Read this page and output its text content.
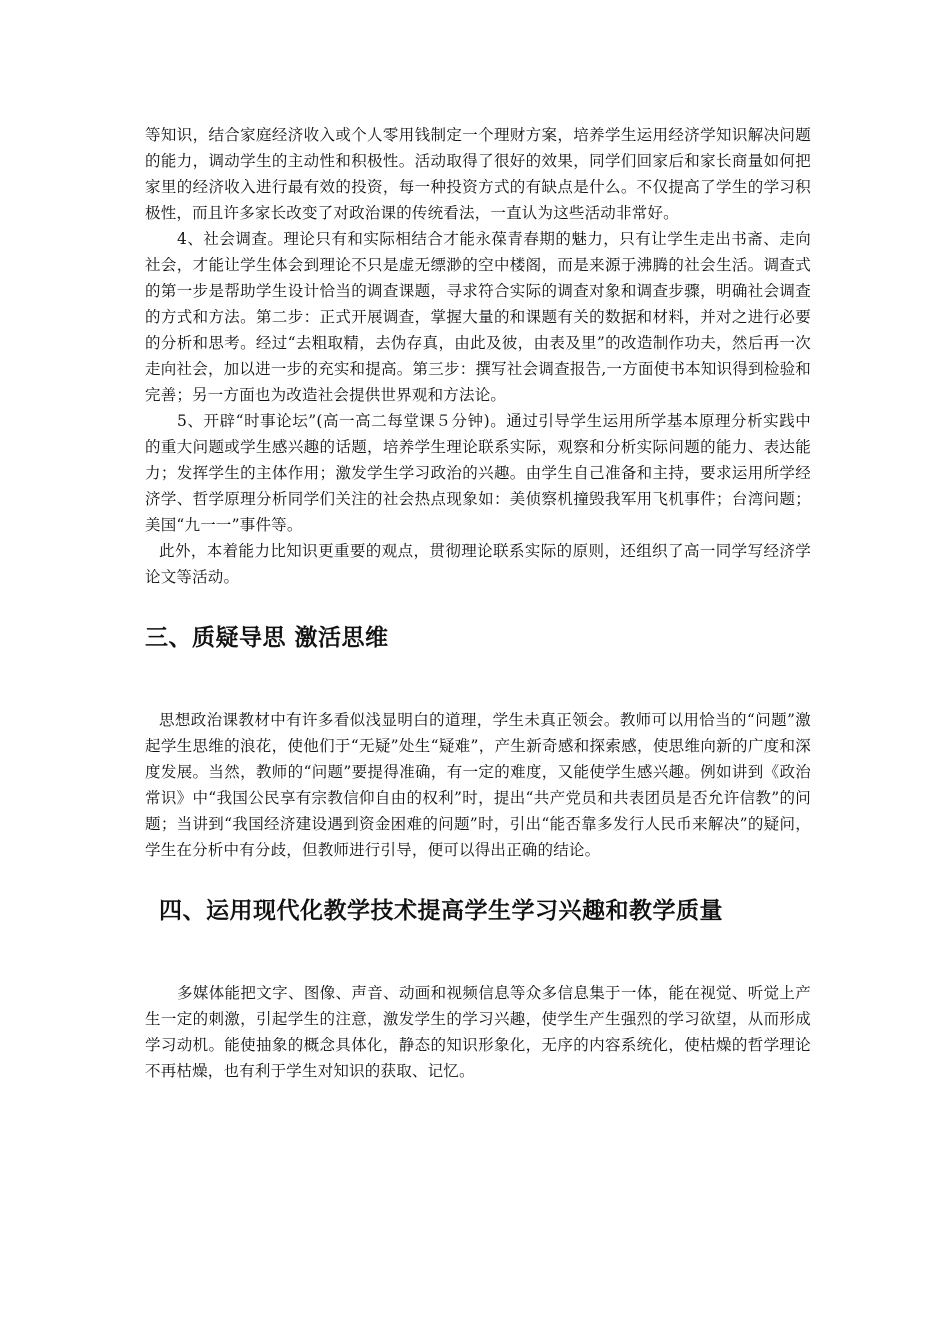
等知识，结合家庭经济收入或个人零用钱制定一个理财方案，培养学生运用经济学知识解决问题的能力，调动学生的主动性和积极性。活动取得了很好的效果，同学们回家后和家长商量如何把家里的经济收入进行最有效的投资，每一种投资方式的有缺点是什么。不仅提高了学生的学习积极性，而且许多家长改变了对政治课的传统看法，一直认为这些活动非常好。

4、社会调查。理论只有和实际相结合才能永葆青春期的魅力，只有让学生走出书斋、走向社会，才能让学生体会到理论不只是虚无缥渺的空中楼阁，而是来源于沸腾的社会生活。调查式的第一步是帮助学生设计恰当的调查课题，寻求符合实际的调查对象和调查步骤，明确社会调查的方式和方法。第二步：正式开展调查，掌握大量的和课题有关的数据和材料，并对之进行必要的分析和思考。经过“去粗取精，去伪存真，由此及彼，由表及里”的改造制作功夫，然后再一次走向社会，加以进一步的充实和提高。第三步：撰写社会调查报告,一方面使书本知识得到检验和完善；另一方面也为改造社会提供世界观和方法论。

5、开辟“时事论坛”(高一高二每堂课５分钟)。通过引导学生运用所学基本原理分析实践中的重大问题或学生感兴趣的话题，培养学生理论联系实际，观察和分析实际问题的能力、表达能力；发挥学生的主体作用；激发学生学习政治的兴趣。由学生自己准备和主持，要求运用所学经济学、哲学原理分析同学们关注的社会热点现象如：美侦察机撞毁我军用飞机事件；台湾问题；美国“九一一”事件等。

此外，本着能力比知识更重要的观点，贯彻理论联系实际的原则，还组织了高一同学写经济学论文等活动。

三、质疑导思 激活思维

思想政治课教材中有许多看似浅显明白的道理，学生未真正领会。教师可以用恰当的“问题”激起学生思维的浪花，使他们于“无疑”处生“疑难”，产生新奇感和探索感，使思维向新的广度和深度发展。当然，教师的“问题”要提得准确，有一定的难度，又能使学生感兴趣。例如讲到《政治常识》中“我国公民享有宗教信仰自由的权利”时，提出“共产党员和共表团员是否允许信教”的问题；当讲到“我国经济建设遇到资金困难的问题”时，引出“能否靠多发行人民币来解决”的疑问，学生在分析中有分歧，但教师进行引导，便可以得出正确的结论。

四、运用现代化教学技术提高学生学习兴趣和教学质量

多媒体能把文字、图像、声音、动画和视频信息等众多信息集于一体，能在视觉、听觉上产生一定的刺激，引起学生的注意，激发学生的学习兴趣，使学生产生强烈的学习欲望，从而形成学习动机。能使抽象的概念具体化，静态的知识形象化，无序的内容系统化，使枯燥的哲学理论不再枯燥，也有利于学生对知识的获取、记忆。
